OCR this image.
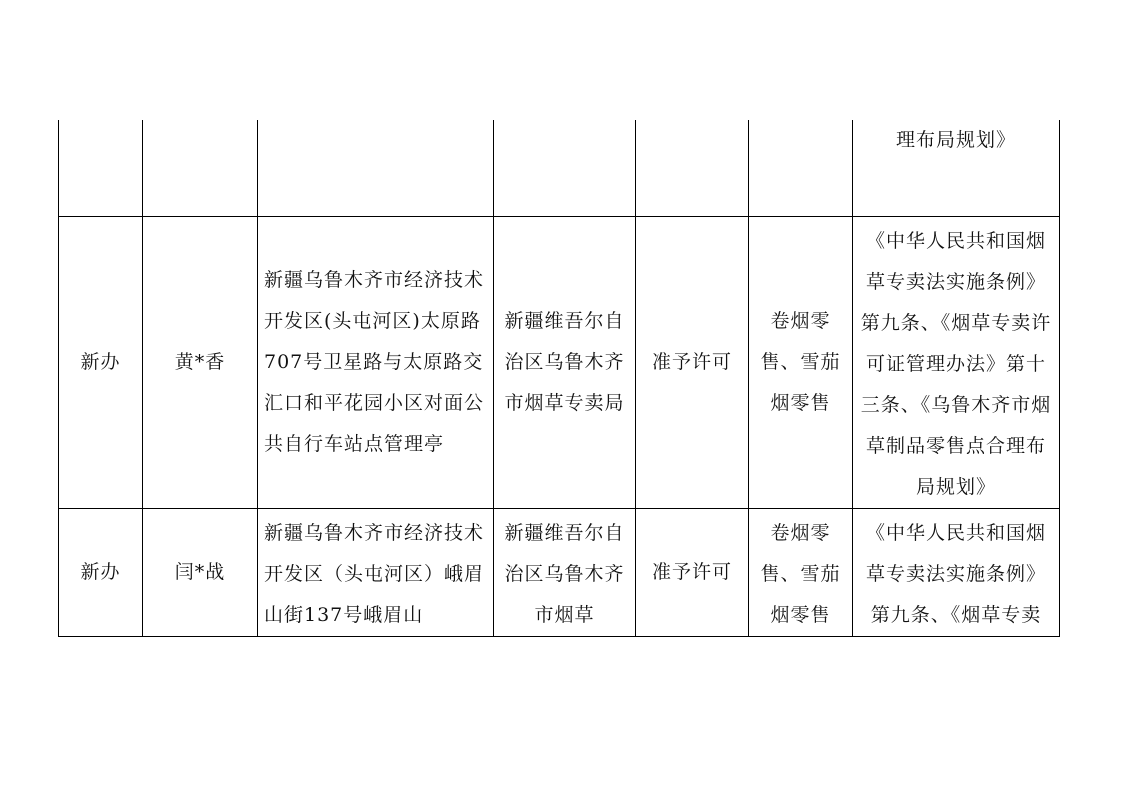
						理布局规划》
新办	黄*香	新疆乌鲁木齐市经济技术开发区(头屯河区)太原路707号卫星路与太原路交汇口和平花园小区对面公共自行车站点管理亭	新疆维吾尔自治区乌鲁木齐市烟草专卖局	准予许可	卷烟零售、雪茄烟零售	《中华人民共和国烟草专卖法实施条例》第九条、《烟草专卖许可证管理办法》第十三条、《乌鲁木齐市烟草制品零售点合理布局规划》
新办	闫*战	新疆乌鲁木齐市经济技术开发区（头屯河区）峨眉山街137号峨眉山	新疆维吾尔自治区乌鲁木齐市烟草	准予许可	卷烟零售、雪茄烟零售	《中华人民共和国烟草专卖法实施条例》第九条、《烟草专卖
